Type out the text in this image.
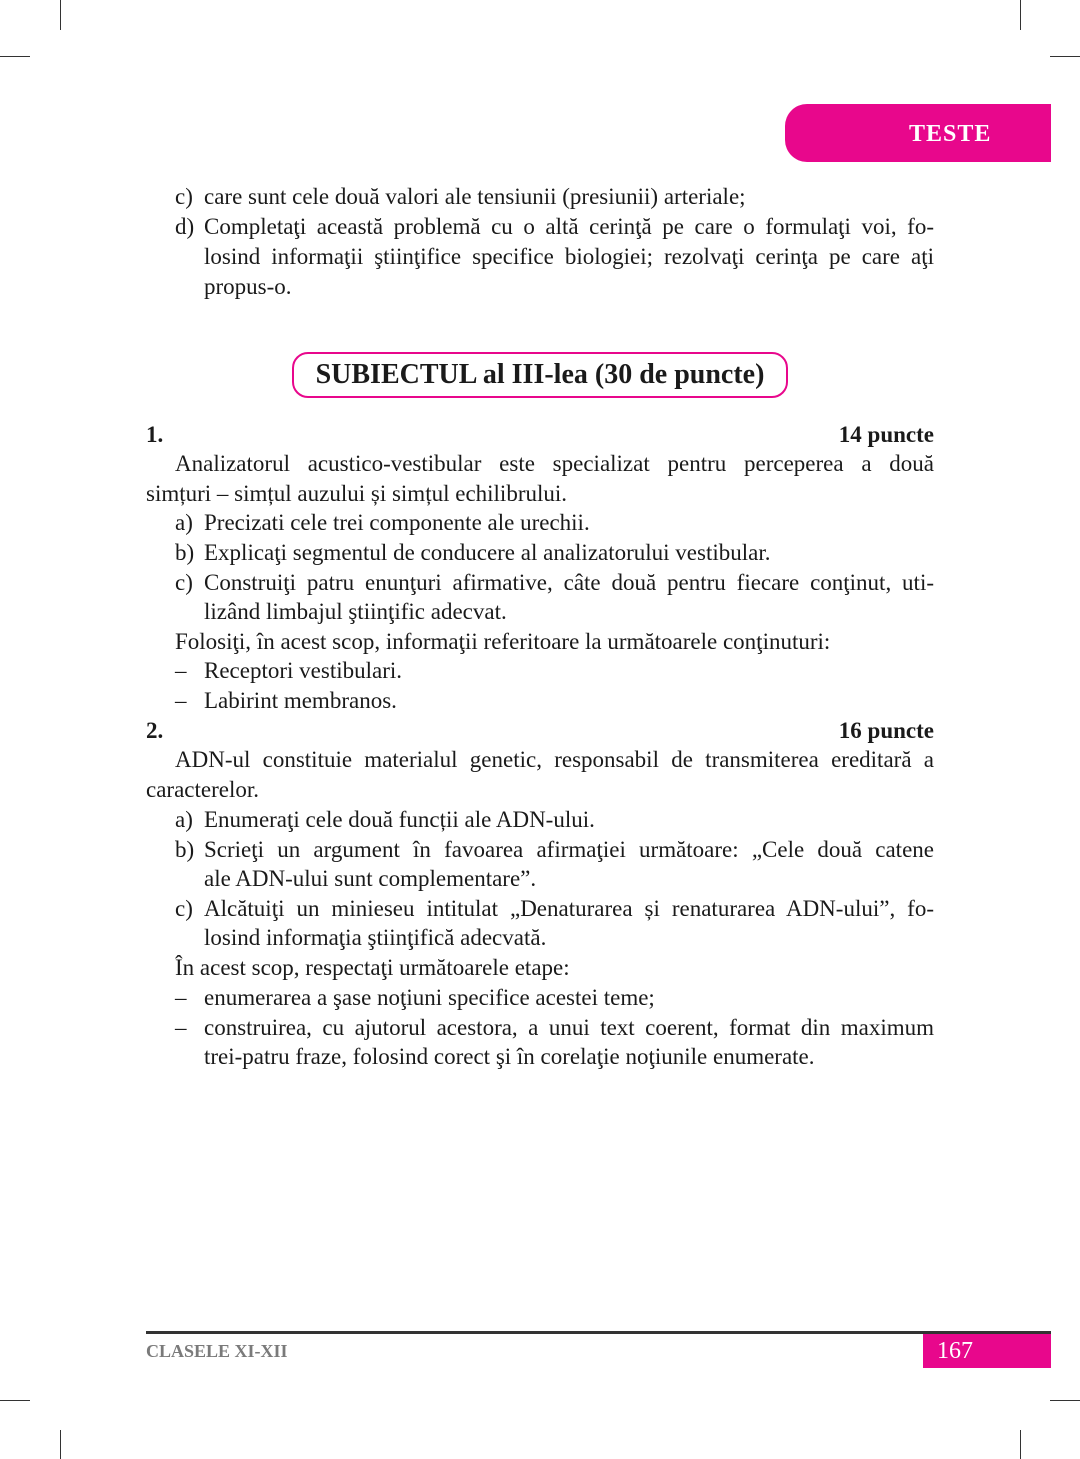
TESTE
c) care sunt cele două valori ale tensiunii (presiunii) arteriale;
d) Completaţi această problemă cu o altă cerinţă pe care o formulaţi voi, fo-
losind informaţii ştiinţifice specifice biologiei; rezolvaţi cerinţa pe care aţi
propus-o.
SUBIECTUL al III-lea (30 de puncte)
1.	14 puncte
Analizatorul acustico-vestibular este specializat pentru perceperea a două
simțuri – simțul auzului și simțul echilibrului.
a) Precizati cele trei componente ale urechii.
b) Explicaţi segmentul de conducere al analizatorului vestibular.
c) Construiţi patru enunţuri afirmative, câte două pentru fiecare conţinut, uti-
lizând limbajul ştiinţific adecvat.
Folosiţi, în acest scop, informaţii referitoare la următoarele conţinuturi:
– Receptori vestibulari.
– Labirint membranos.
2.	16 puncte
ADN-ul constituie materialul genetic, responsabil de transmiterea ereditară a
caracterelor.
a) Enumeraţi cele două funcții ale ADN-ului.
b) Scrieţi un argument în favoarea afirmaţiei următoare: „Cele două catene
ale ADN-ului sunt complementare”.
c) Alcătuiţi un minieseu intitulat „Denaturarea și renaturarea ADN-ului”, fo-
losind informaţia ştiinţifică adecvată.
În acest scop, respectaţi următoarele etape:
– enumerarea a şase noţiuni specifice acestei teme;
– construirea, cu ajutorul acestora, a unui text coerent, format din maximum
trei-patru fraze, folosind corect şi în corelaţie noţiunile enumerate.
CLASELE XI-XII	167
